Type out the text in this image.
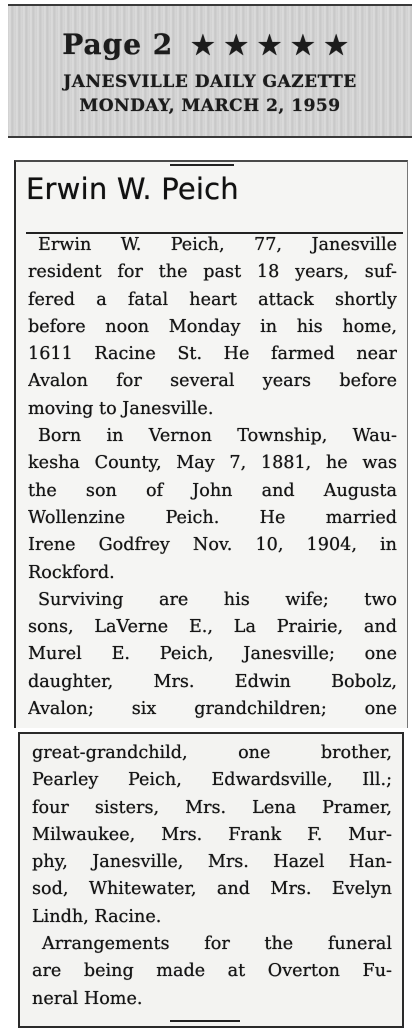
Page 2 ★★★★★
JANESVILLE DAILY GAZETTE
MONDAY, MARCH 2, 1959
Erwin W. Peich
Erwin W. Peich, 77, Janesville
resident for the past 18 years, suf-
fered a fatal heart attack shortly
before noon Monday in his home,
1611 Racine St. He farmed near
Avalon for several years before
moving to Janesville.
Born in Vernon Township, Wau-
kesha County, May 7, 1881, he was
the son of John and Augusta
Wollenzine Peich. He married
Irene Godfrey Nov. 10, 1904, in
Rockford.
Surviving are his wife; two
sons, LaVerne E., La Prairie, and
Murel E. Peich, Janesville; one
daughter, Mrs. Edwin Bobolz,
Avalon; six grandchildren; one
great-grandchild, one brother,
Pearley Peich, Edwardsville, Ill.;
four sisters, Mrs. Lena Pramer,
Milwaukee, Mrs. Frank F. Mur-
phy, Janesville, Mrs. Hazel Han-
sod, Whitewater, and Mrs. Evelyn
Lindh, Racine.
Arrangements for the funeral
are being made at Overton Fu-
neral Home.
